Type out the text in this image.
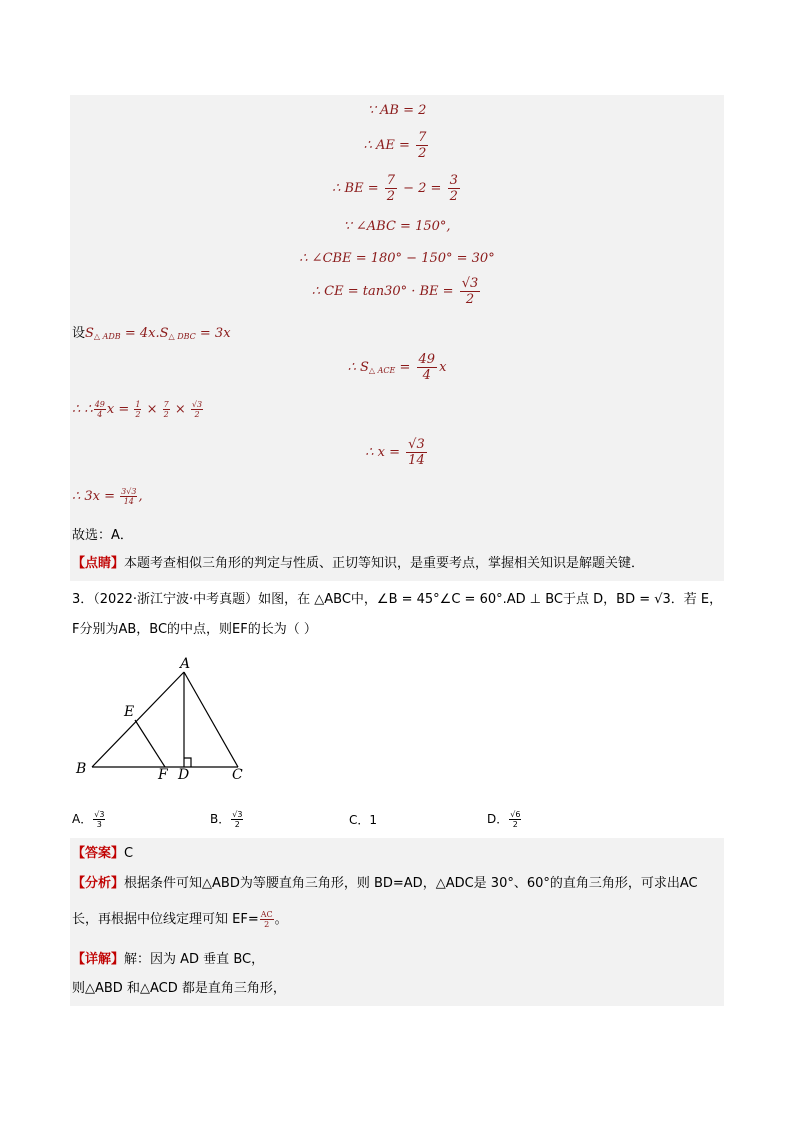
∵ AB = 2
∴ AE = $\frac{7}{2}$
∴ BE = $\frac{7}{2} - 2 = \frac{3}{2}$
∵ ∠ABC = 150°,
∴ ∠CBE = 180° − 150° = 30°
∴ CE = tan30° · BE = $\frac{√3}{2}$
设$S_{\triangle ADB} = 4x.S_{\triangle DBC} = 3x$
∴ $S_{\triangle ACE} = \frac{49}{4}$ x
∴ ∴ $\frac{49}{4}$ $x = \frac{1}{2} \times \frac{7}{2} \times \frac{√3}{2}$
∴ $x = \frac{√3}{14}$
∴ $3x = \frac{3√3}{14}$ ,
故选：A．
【点睛】本题考查相似三角形的判定与性质、正切等知识，是重要考点，掌握相关知识是解题关键．
3．（2022·浙江宁波·中考真题）如图，在 △ABC中，∠B = 45°∠C = 60°.AD ⊥ BC于点 D，BD = √3．若 E，
F分别为AB，BC的中点，则EF的长为（ ）
A
B	C
D
E
F
A． $\frac{√3}{3}$	B． $\frac{√3}{2}$	C．1	D． $\frac{√6}{2}$
【答案】C
【分析】根据条件可知△ABD为等腰直角三角形，则 BD=AD，△ADC是 30°、60°的直角三角形，可求出AC
长，再根据中位线定理可知 $EF= \frac{AC}{2}$ 。
【详解】解：因为 AD 垂直 BC，
则△ABD 和△ACD 都是直角三角形，
